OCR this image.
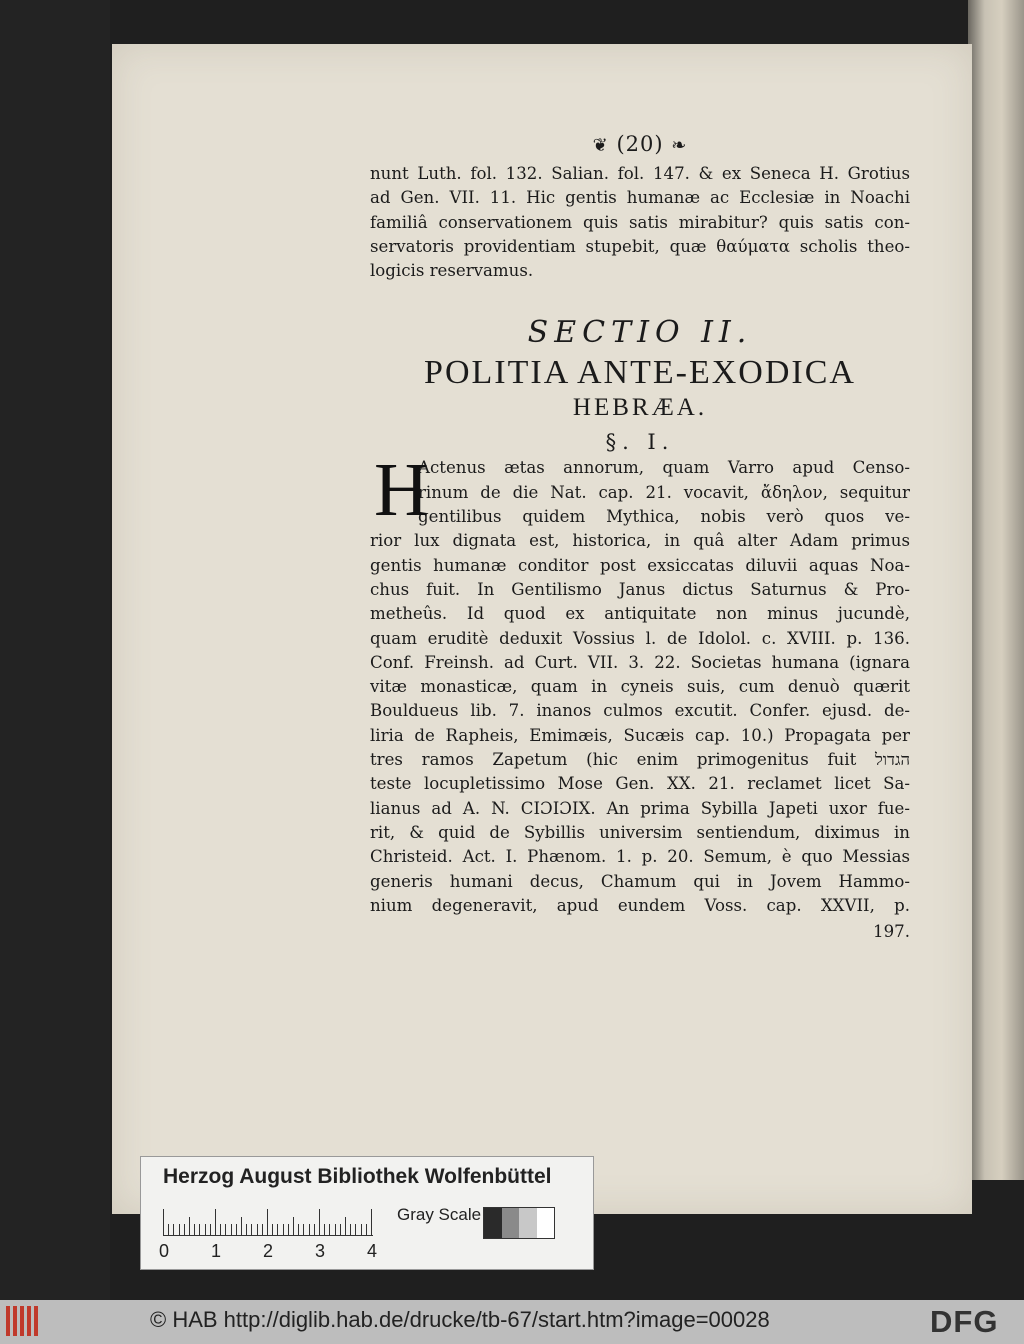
❦ (20) ❧
nunt Luth. fol. 132. Salian. fol. 147. & ex Seneca H. Grotius
ad Gen. VII. 11. Hic gentis humanæ ac Ecclesiæ in Noachi
familiâ conservationem quis satis mirabitur? quis satis con-
servatoris providentiam stupebit, quæ θαύματα scholis theo-
logicis reservamus.
SECTIO II.
POLITIA ANTE-EXODICA
HEBRÆA.
§. I.
H
Actenus ætas annorum, quam Varro apud Censo-
rinum de die Nat. cap. 21. vocavit, ἄδηλον, sequitur
gentilibus quidem Mythica, nobis verò quos ve-
rior lux dignata est, historica, in quâ alter Adam primus
gentis humanæ conditor post exsiccatas diluvii aquas Noa-
chus fuit. In Gentilismo Janus dictus Saturnus & Pro-
metheûs. Id quod ex antiquitate non minus jucundè,
quam eruditè deduxit Vossius l. de Idolol. c. XVIII. p. 136.
Conf. Freinsh. ad Curt. VII. 3. 22. Societas humana (ignara
vitæ monasticæ, quam in cyneis suis, cum denuò quærit
Bouldueus lib. 7. inanos culmos excutit. Confer. ejusd. de-
liria de Rapheis, Emimæis, Sucæis cap. 10.) Propagata per
tres ramos Zapetum (hic enim primogenitus fuit הגדול
teste locupletissimo Mose Gen. XX. 21. reclamet licet Sa-
lianus ad A. N. CIƆIƆIX. An prima Sybilla Japeti uxor fue-
rit, & quid de Sybillis universim sentiendum, diximus in
Christeid. Act. I. Phænom. 1. p. 20. Semum, è quo Messias
generis humani decus, Chamum qui in Jovem Hammo-
nium degeneravit, apud eundem Voss. cap. XXVII, p.
197.
Herzog August Bibliothek Wolfenbüttel
0 1 2 3 4
Gray Scale
© HAB http://diglib.hab.de/drucke/tb-67/start.htm?image=00028	DFG
